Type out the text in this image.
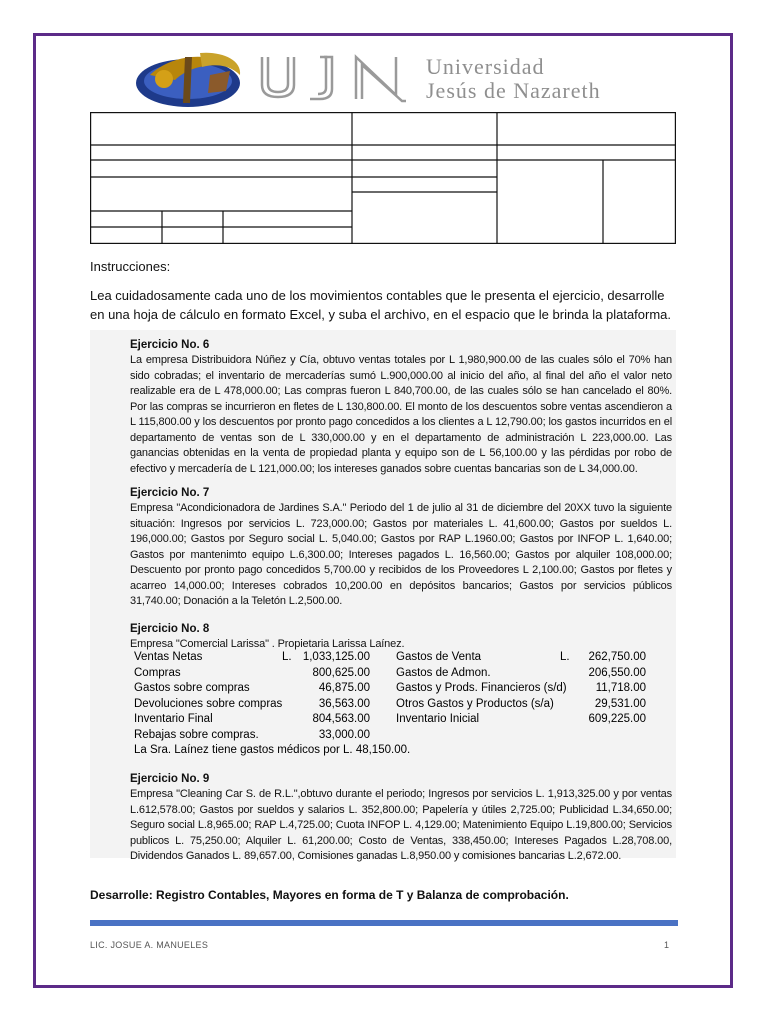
Universidad
Jesús de Nazareth
Instrucciones:
Lea cuidadosamente cada uno de los movimientos contables que le presenta el ejercicio, desarrolle en una hoja de cálculo en formato Excel, y suba el archivo, en el espacio que le brinda la plataforma.
Ejercicio No. 6
La empresa Distribuidora Núñez y Cía, obtuvo ventas totales por L 1,980,900.00 de las cuales sólo el 70% han sido cobradas; el inventario de mercaderías sumó L.900,000.00 al inicio del año, al final del año el valor neto realizable era de L 478,000.00; Las compras fueron L 840,700.00, de las cuales sólo se han cancelado el 80%. Por las compras se incurrieron en fletes de L 130,800.00. El monto de los descuentos sobre ventas ascendieron a L 115,800.00 y los descuentos por pronto pago concedidos a los clientes a L 12,790.00; los gastos incurridos en el departamento de ventas son de L 330,000.00 y en el departamento de administración L 223,000.00. Las ganancias obtenidas en la venta de propiedad planta y equipo son de L 56,100.00 y las pérdidas por robo de efectivo y mercadería de L 121,000.00; los intereses ganados sobre cuentas bancarias son de L 34,000.00.
Ejercicio No. 7
Empresa "Acondicionadora de Jardines S.A." Periodo del 1 de julio al 31 de diciembre del 20XX tuvo la siguiente situación: Ingresos por servicios L. 723,000.00; Gastos por materiales L. 41,600.00; Gastos por sueldos L. 196,000.00; Gastos por Seguro social L. 5,040.00; Gastos por RAP L.1960.00; Gastos por INFOP L. 1,640.00; Gastos por mantenimto equipo L.6,300.00; Intereses pagados L. 16,560.00; Gastos por alquiler 108,000.00; Descuento por pronto pago concedidos 5,700.00 y recibidos de los Proveedores L 2,100.00; Gastos por fletes y acarreo 14,000.00; Intereses cobrados 10,200.00 en depósitos bancarios; Gastos por servicios públicos 31,740.00; Donación a la Teletón L.2,500.00.
Ejercicio No. 8
Empresa "Comercial Larissa" . Propietaria Larissa Laínez.
Ventas Netas	L. 1,033,125.00 Gastos de Venta	L. 262,750.00
Compras	800,625.00 Gastos de Admon.	206,550.00
Gastos sobre compras	46,875.00 Gastos y Prods. Financieros (s/d)	11,718.00
Devoluciones sobre compras	36,563.00 Otros Gastos y Productos (s/a)	29,531.00
Inventario Final	804,563.00 Inventario Inicial	609,225.00
Rebajas sobre compras.	33,000.00
La Sra. Laínez tiene gastos médicos por L. 48,150.00.
Ejercicio No. 9
Empresa "Cleaning Car S. de R.L.",obtuvo durante el periodo; Ingresos por servicios L. 1,913,325.00 y por ventas L.612,578.00; Gastos por sueldos y salarios L. 352,800.00; Papelería y útiles 2,725.00; Publicidad L.34,650.00; Seguro social L.8,965.00; RAP L.4,725.00; Cuota INFOP L. 4,129.00; Matenimiento Equipo L.19,800.00; Servicios publicos L. 75,250.00; Alquiler L. 61,200.00; Costo de Ventas, 338,450.00; Intereses Pagados L.28,708.00, Dividendos Ganados L. 89,657.00, Comisiones ganadas L.8,950.00 y comisiones bancarias L.2,672.00.
Desarrolle: Registro Contables, Mayores en forma de T y Balanza de comprobación.
LIC. JOSUE A. MANUELES	1
